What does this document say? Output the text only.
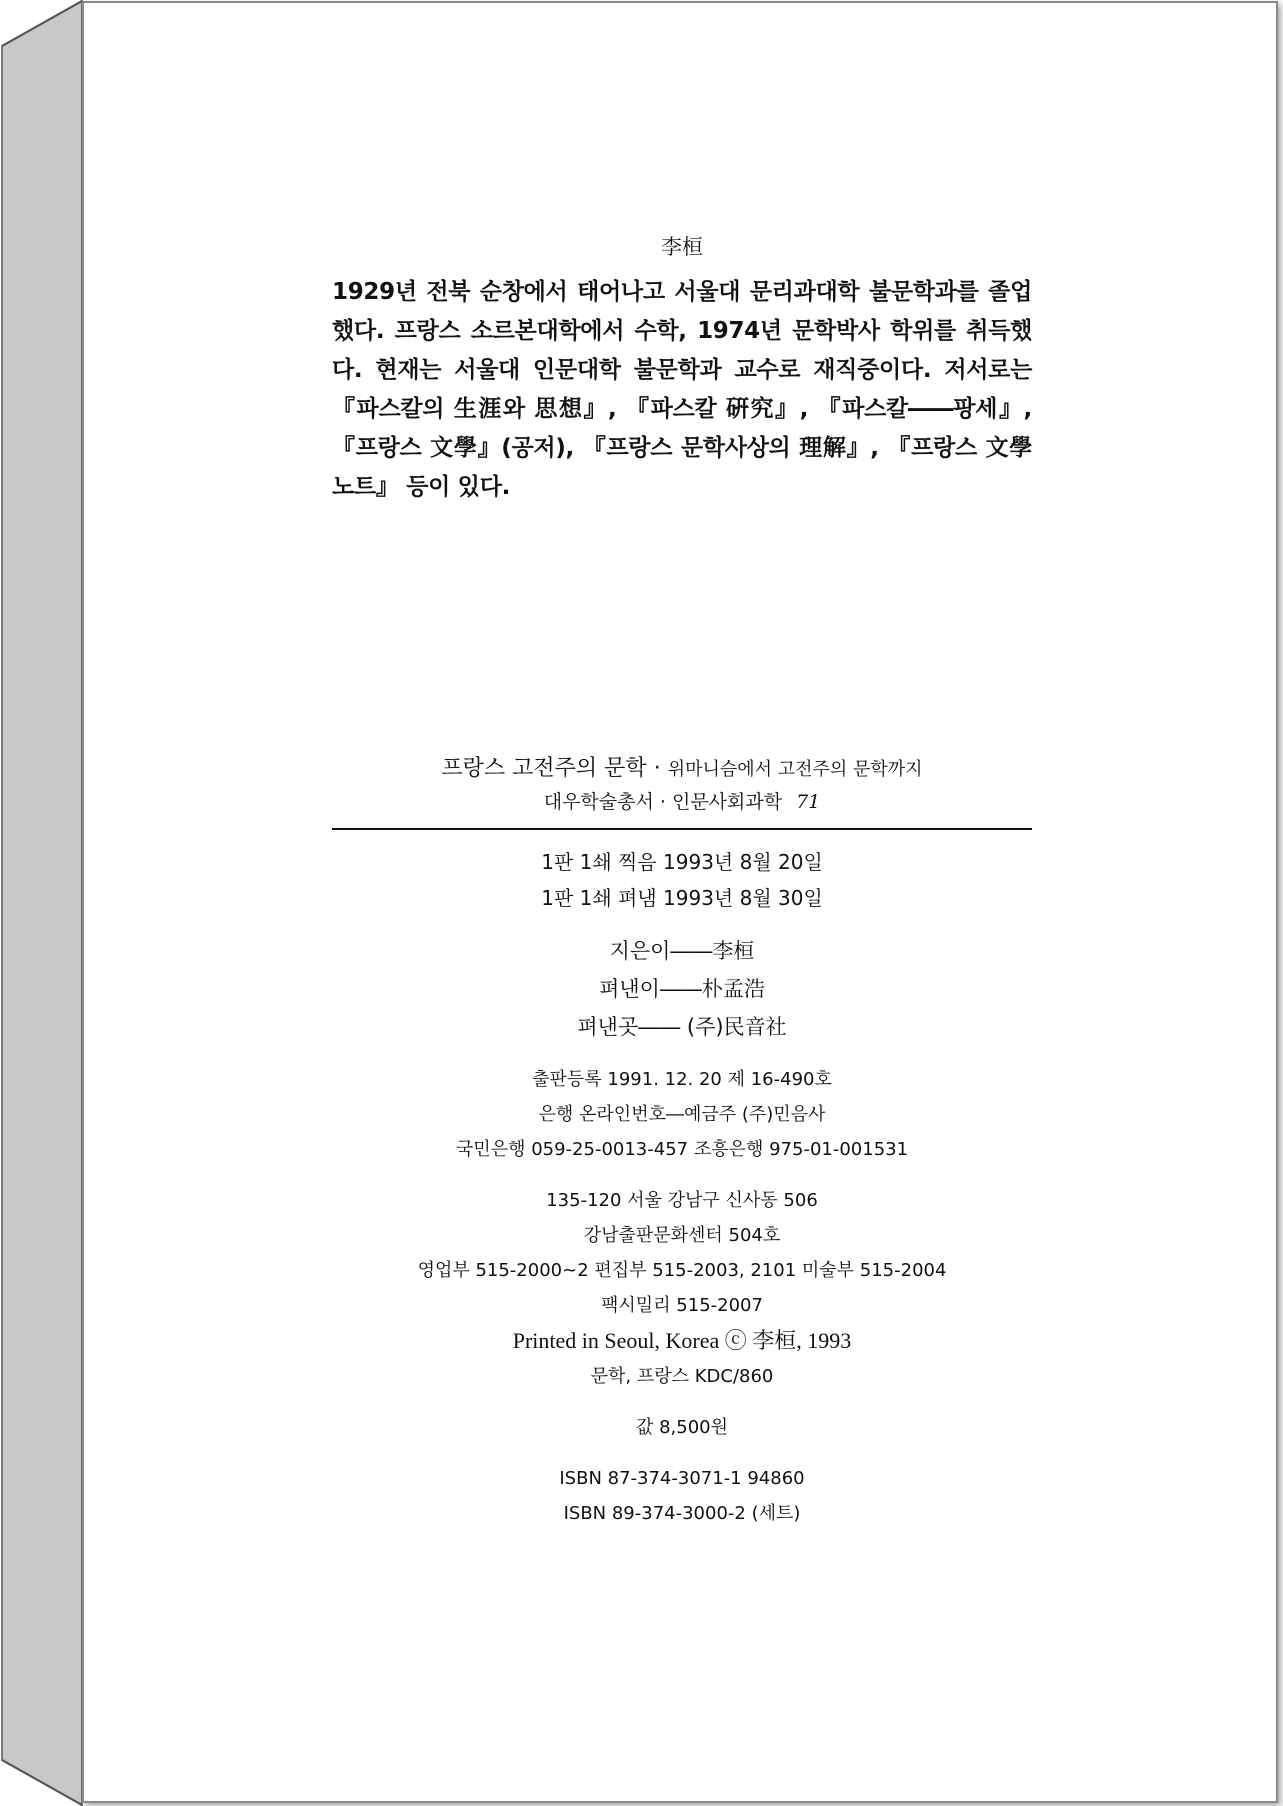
李桓

1929년 전북 순창에서 태어나고 서울대 문리과대학 불문학과를 졸업했다. 프랑스 소르본대학에서 수학, 1974년 문학박사 학위를 취득했다. 현재는 서울대 인문대학 불문학과 교수로 재직중이다. 저서로는 『파스칼의 生涯와 思想』, 『파스칼 硏究』, 『파스칼――팡세』, 『프랑스 文學』(공저), 『프랑스 문학사상의 理解』, 『프랑스 文學노트』 등이 있다.

프랑스 고전주의 문학 · 위마니슴에서 고전주의 문학까지
대우학술총서 · 인문사회과학 71
1판 1쇄 찍음 1993년 8월 20일
1판 1쇄 펴냄 1993년 8월 30일
지은이――李桓
펴낸이――朴孟浩
펴낸곳―― (주)民音社
출판등록 1991. 12. 20 제 16-490호
은행 온라인번호―예금주 (주)민음사
국민은행 059-25-0013-457 조흥은행 975-01-001531
135-120 서울 강남구 신사동 506
강남출판문화센터 504호
영업부 515-2000~2 편집부 515-2003, 2101 미술부 515-2004
팩시밀리 515-2007
Printed in Seoul, Korea ⓒ 李桓, 1993
문학, 프랑스 KDC/860
값 8,500원
ISBN 87-374-3071-1 94860
ISBN 89-374-3000-2 (세트)
